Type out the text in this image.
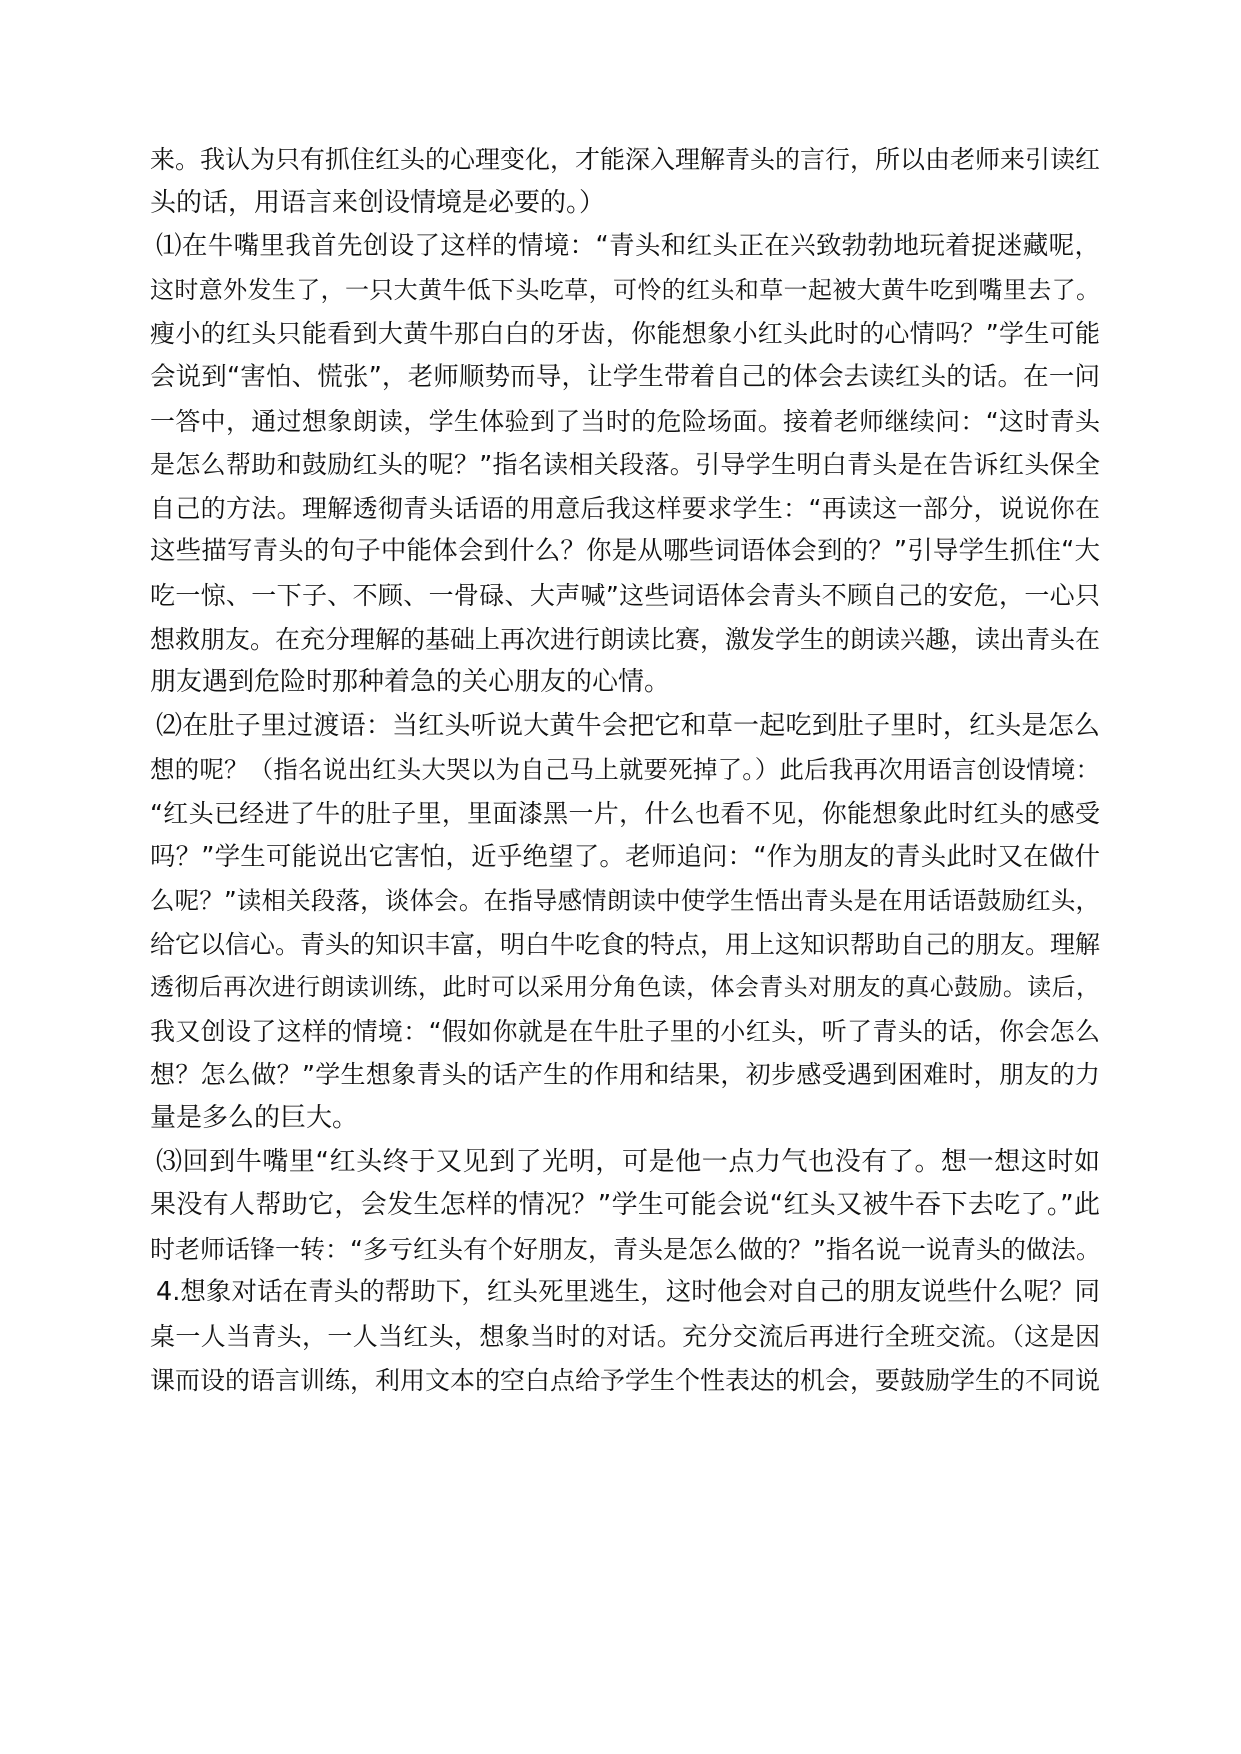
来。我认为只有抓住红头的心理变化，才能深入理解青头的言行，所以由老师来引读红
头的话，用语言来创设情境是必要的。）
⑴在牛嘴里我首先创设了这样的情境：“青头和红头正在兴致勃勃地玩着捉迷藏呢，
这时意外发生了，一只大黄牛低下头吃草，可怜的红头和草一起被大黄牛吃到嘴里去了。
瘦小的红头只能看到大黄牛那白白的牙齿，你能想象小红头此时的心情吗？”学生可能
会说到“害怕、慌张”，老师顺势而导，让学生带着自己的体会去读红头的话。在一问
一答中，通过想象朗读，学生体验到了当时的危险场面。接着老师继续问：“这时青头
是怎么帮助和鼓励红头的呢？”指名读相关段落。引导学生明白青头是在告诉红头保全
自己的方法。理解透彻青头话语的用意后我这样要求学生：“再读这一部分，说说你在
这些描写青头的句子中能体会到什么？你是从哪些词语体会到的？”引导学生抓住“大
吃一惊、一下子、不顾、一骨碌、大声喊”这些词语体会青头不顾自己的安危，一心只
想救朋友。在充分理解的基础上再次进行朗读比赛，激发学生的朗读兴趣，读出青头在
朋友遇到危险时那种着急的关心朋友的心情。
⑵在肚子里过渡语：当红头听说大黄牛会把它和草一起吃到肚子里时，红头是怎么
想的呢？（指名说出红头大哭以为自己马上就要死掉了。）此后我再次用语言创设情境：
“红头已经进了牛的肚子里，里面漆黑一片，什么也看不见，你能想象此时红头的感受
吗？”学生可能说出它害怕，近乎绝望了。老师追问：“作为朋友的青头此时又在做什
么呢？”读相关段落，谈体会。在指导感情朗读中使学生悟出青头是在用话语鼓励红头，
给它以信心。青头的知识丰富，明白牛吃食的特点，用上这知识帮助自己的朋友。理解
透彻后再次进行朗读训练，此时可以采用分角色读，体会青头对朋友的真心鼓励。读后，
我又创设了这样的情境：“假如你就是在牛肚子里的小红头，听了青头的话，你会怎么
想？怎么做？”学生想象青头的话产生的作用和结果，初步感受遇到困难时，朋友的力
量是多么的巨大。
⑶回到牛嘴里“红头终于又见到了光明，可是他一点力气也没有了。想一想这时如
果没有人帮助它，会发生怎样的情况？”学生可能会说“红头又被牛吞下去吃了。”此
时老师话锋一转：“多亏红头有个好朋友，青头是怎么做的？”指名说一说青头的做法。
4.想象对话在青头的帮助下，红头死里逃生，这时他会对自己的朋友说些什么呢？同
桌一人当青头，一人当红头，想象当时的对话。充分交流后再进行全班交流。（这是因
课而设的语言训练，利用文本的空白点给予学生个性表达的机会，要鼓励学生的不同说
